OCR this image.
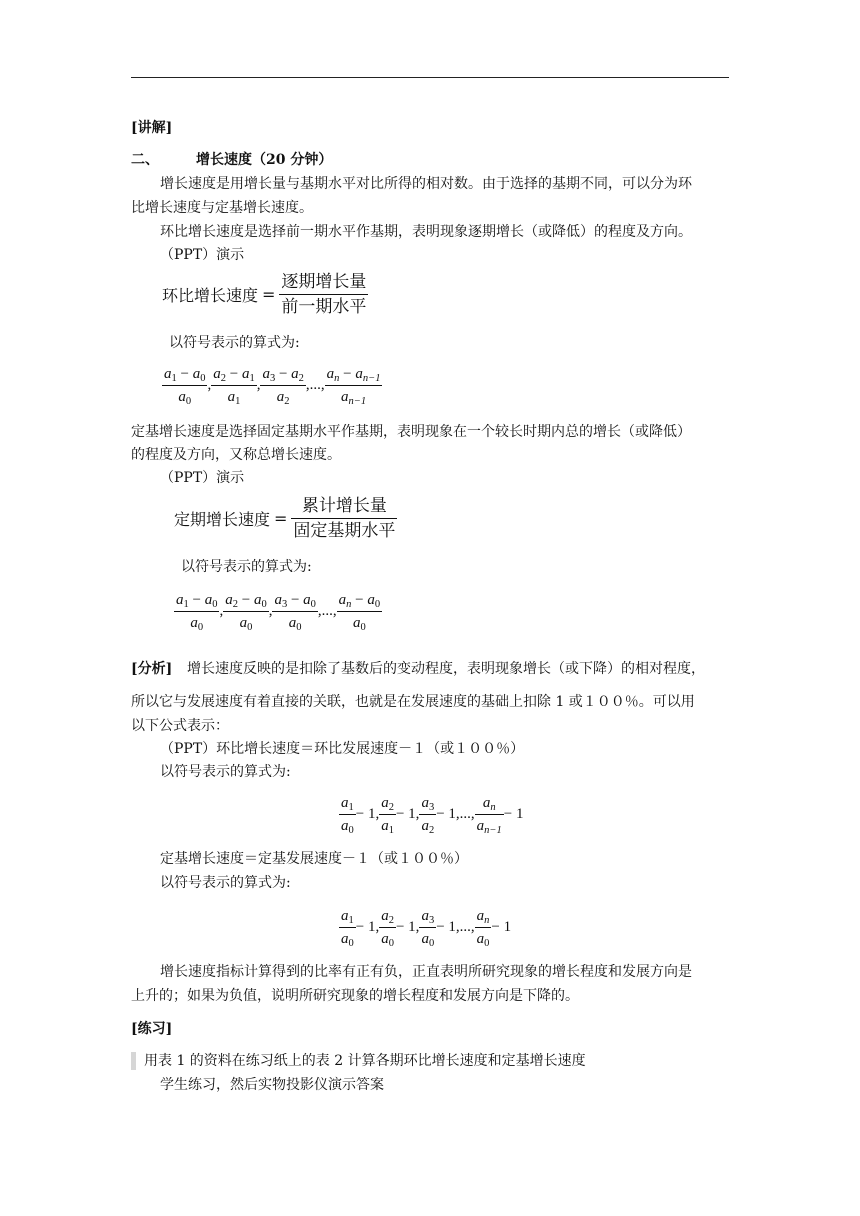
[讲解]
二、	增长速度（20 分钟）
增长速度是用增长量与基期水平对比所得的相对数。由于选择的基期不同，可以分为环
比增长速度与定基增长速度。
环比增长速度是选择前一期水平作基期，表明现象逐期增长（或降低）的程度及方向。
（PPT）演示
环比增长速度 = $\frac{\text{逐期增长量}}{\text{前一期水平}}$
以符号表示的算式为:
$\frac{a_1 - a_0}{a_0}$ , $\frac{a_2 - a_1}{a_1}$ , $\frac{a_3 - a_2}{a_2}$ ,..., $\frac{a_n - a_{n-1}}{a_{n-1}}$
定基增长速度是选择固定基期水平作基期，表明现象在一个较长时期内总的增长（或降低）
的程度及方向，又称总增长速度。
（PPT）演示
定期增长速度 = $\frac{\text{累计增长量}}{\text{固定基期水平}}$
以符号表示的算式为:
$\frac{a_1 - a_0}{a_0}$ , $\frac{a_2 - a_0}{a_0}$ , $\frac{a_3 - a_0}{a_0}$ ,..., $\frac{a_n - a_0}{a_0}$
[分析] 增长速度反映的是扣除了基数后的变动程度，表明现象增长（或下降）的相对程度，
所以它与发展速度有着直接的关联，也就是在发展速度的基础上扣除 1 或１００％。可以用
以下公式表示：
（PPT）环比增长速度＝环比发展速度－１（或１００％）
以符号表示的算式为:
$\frac{a_1}{a_0} - 1$, $\frac{a_2}{a_1} - 1$, $\frac{a_3}{a_2} - 1$,..., $\frac{a_n}{a_{n-1}} - 1$
定基增长速度＝定基发展速度－１（或１００％）
以符号表示的算式为:
$\frac{a_1}{a_0} - 1$, $\frac{a_2}{a_0} - 1$, $\frac{a_3}{a_0} - 1$,..., $\frac{a_n}{a_0} - 1$
增长速度指标计算得到的比率有正有负，正直表明所研究现象的增长程度和发展方向是
上升的；如果为负值，说明所研究现象的增长程度和发展方向是下降的。
[练习]
用表 1 的资料在练习纸上的表 2 计算各期环比增长速度和定基增长速度
学生练习，然后实物投影仪演示答案
